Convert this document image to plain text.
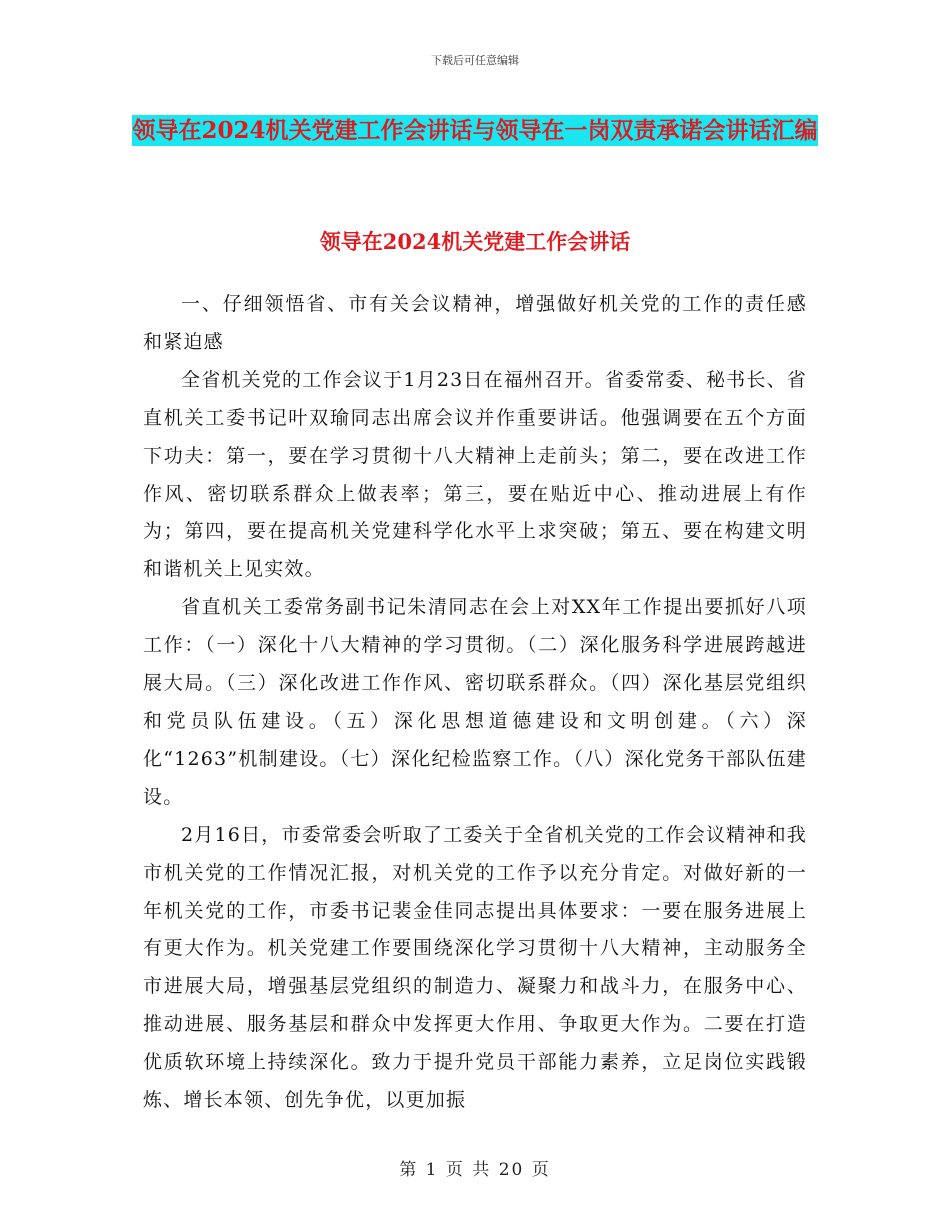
下载后可任意编辑
领导在2024机关党建工作会讲话与领导在一岗双责承诺会讲话汇编
领导在2024机关党建工作会讲话

一、仔细领悟省、市有关会议精神，增强做好机关党的工作的责任感和紧迫感

全省机关党的工作会议于1月23日在福州召开。省委常委、秘书长、省直机关工委书记叶双瑜同志出席会议并作重要讲话。他强调要在五个方面下功夫：第一，要在学习贯彻十八大精神上走前头；第二，要在改进工作作风、密切联系群众上做表率；第三，要在贴近中心、推动进展上有作为；第四，要在提高机关党建科学化水平上求突破；第五、要在构建文明和谐机关上见实效。

省直机关工委常务副书记朱清同志在会上对XX年工作提出要抓好八项工作：（一）深化十八大精神的学习贯彻。（二）深化服务科学进展跨越进展大局。（三）深化改进工作作风、密切联系群众。（四）深化基层党组织和党员队伍建设。（五）深化思想道德建设和文明创建。（六）深化“1263”机制建设。（七）深化纪检监察工作。（八）深化党务干部队伍建设。

2月16日，市委常委会听取了工委关于全省机关党的工作会议精神和我市机关党的工作情况汇报，对机关党的工作予以充分肯定。对做好新的一年机关党的工作，市委书记裴金佳同志提出具体要求：一要在服务进展上有更大作为。机关党建工作要围绕深化学习贯彻十八大精神，主动服务全市进展大局，增强基层党组织的制造力、凝聚力和战斗力，在服务中心、推动进展、服务基层和群众中发挥更大作用、争取更大作为。二要在打造优质软环境上持续深化。致力于提升党员干部能力素养，立足岗位实践锻炼、增长本领、创先争优，以更加振

第 1 页 共 20 页
